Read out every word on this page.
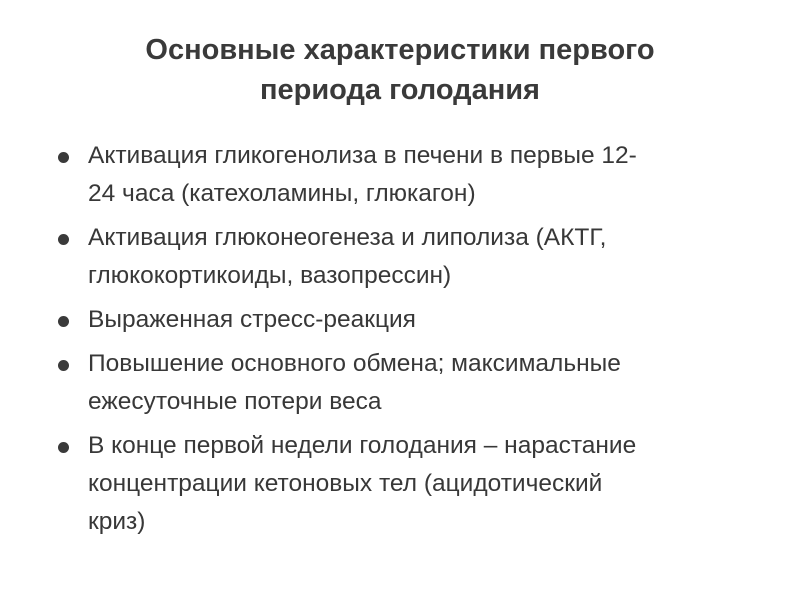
Основные характеристики первого
периода голодания
Активация гликогенолиза в печени в первые 12-
24 часа (катехоламины, глюкагон)
Активация глюконеогенеза и липолиза (АКТГ,
глюкокортикоиды, вазопрессин)
Выраженная стресс-реакция
Повышение основного обмена; максимальные
ежесуточные потери веса
В конце первой недели голодания – нарастание
концентрации кетоновых тел (ацидотический
криз)
